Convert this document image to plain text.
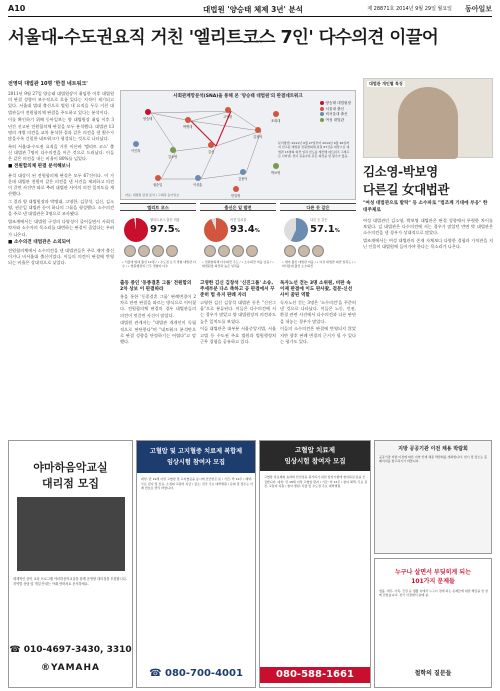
A10	대법원 '양승태 체제 3년' 분석	제 28871호 2014년 9월 29일 월요일 동아일보
서울대-수도권요직 거친 '엘리트코스 7인' 다수의견 이끌어
전영덕 대법관 10명 '한결 네트워크'

2011년 9월 27일 양승태 대법원장이 취임한 이후 대법원의 판결 성향이 보수적으로 흐름 있다는 지적이 제기되고 있다. 서울대 법대 출신으로 법원 내 요직을 두루 거친 대법관들이 전원합의체 판결을 주도하고 있다는 분석이다.

이를 확인하기 위해 동아일보는 양 대법원장 취임 이후 3년간 선고된 전원합의체 판결을 모두 분석했다. 대법관 13명의 개별 의견을 교차 분석한 결과 같은 의견을 낸 횟수가 많을수록 긴밀한 네트워크가 형성되는 것으로 나타났다.

특히 서울대-수도권 요직을 거친 이른바 '엘리트 코스' 출신 대법관 7명이 다수의견을 이끈 것으로 드러났다. 이들은 같은 의견을 내는 비율이 80%를 넘었다.

■ 전원합의체 판결 분석해보니

분석 대상이 된 전원합의체 판결은 모두 67건이다. 이 가운데 대법관 전원이 같은 의견을 낸 사건을 제외하고 의견이 갈린 사건만 따로 추려 대법관 사이의 의견 일치도를 계산했다.

그 결과 양 대법원장과 박병대, 고영한, 김창석, 김신, 김소영, 권순일 대법관 등이 하나의 그룹을 형성했다. 소수의견을 주로 낸 대법관은 3명으로 조사됐다.

법조계에서는 대법원 구성의 다양성이 줄어들면서 사회적 약자와 소수자의 목소리를 대변하는 판결이 줄었다는 우려가 나온다.

■ 소수의견 대법관은 소외되어

전원합의체에서 소수의견을 낸 대법관들은 주로 재야 출신이거나 비서울대 출신이었다. 이들의 의견이 판결에 반영되는 비율은 상대적으로 낮았다.

사회관계망분석(SNA)을 통해 본 '양승태 대법원'의 판결네트워크
양승태 대법원장
서울대 출신
비서울대 출신
여성 대법관
양승태
박병대
고영한
김창석
김신
김소영
권순일	이상훈
김용덕
박보영
조희대
이인복
민일영
분석방법: 2011년 9월 27일부터 2014년 9월 26일까지 선고된 대법원 전원합의체 판결 67건을 대상으로 대법관 13명의 의견 일치 빈도를 계산해 네트워크 그래프로 나타냄. 선이 굵을수록 같은 의견을 낸 횟수가 많음.
자료: 대법원 판결 분석 / 그래픽 동아일보
엘리트 코스	출신은 일 발전	다른 듯 같은
엘리트코스 출신 비율
97.5%
• 서울대 법대 출신 12명 / • 수도권 요직 경험 대법관 다수 / • 법원행정처 근무 경험자 다수
의견 일치율
93.4%
• 전원합의체 다수의견 주도 / • 소수의견 비율 낮음 / • 대법원장 의견과 높은 일치율
다른 듯 같은
57.1%
• 재야 출신 대법관 비율 / • 여성 대법관 의견 일치도 / • 비서울대 출신 소수의견
출동 중인 '동종결혼 그룹' 전원합의 2차 상보 이 판결따라

홍을 통한 '동종결혼 그룹' 판례변경이 2차로 관련 판결을 따르는 방식으로 이어졌다. 전원합의체 판결의 경우 대법관들의 의견이 엇갈린 사건이 많았다.

대법원 관계자는 "대법관 개개인이 독립적으로 판단한다"며 "네트워크 분석만으로 판결 성향을 단정하기는 어렵다"고 말했다.

고영한 김신 김창석 '신진그룹' 소송, 주세부분 다소 축하고 공 판결에서 꾸준히 법 유지 판례 자리

고영한 김신 김창석 대법관 등은 "신진그룹"으로 분류된다. 이들은 다수의견에 서는 경우가 많았고 양 대법원장의 의견과도 높은 일치도를 보였다.

이들 대법관은 대부분 서울중앙지법, 서울고법 등 수도권 주요 법원과 법원행정처 근무 경험을 공유하고 있다.

독자노선 걷는 3명 소위원, 비판 속 이제 판결에 이도 판사왔, 걸문-신선 사이 꿈된 역할

독자노선 걷는 3명은 '소수의견'을 꾸준히 낸 것으로 나타났다. 이들은 노동, 인권, 환경 관련 사건에서 다수의견과 다른 판단을 내놓는 경우가 많았다.

이들의 소수의견은 판결에 반영되지 않았지만 향후 판례 변경의 근거가 될 수 있다는 평가도 있다.

대법관 개인별 특징
김소영-박보영
다른길 女대법관
"여성 대법관으로 발탁" 등 소수파로 "법조계 기대에 부응" 한 대주제로

여성 대법관인 김소영, 박보영 대법관은 판결 성향에서 뚜렷한 차이를 보였다. 김 대법관은 다수의견에 서는 경우가 많았던 반면 박 대법관은 소수의견을 낸 경우가 상대적으로 많았다.

법조계에서는 여성 대법관의 존재 자체보다 다양한 경험과 가치관을 지닌 인물이 대법원에 들어가야 한다는 목소리가 나온다.

야마하음악교실
대리점 모집
세계적인 음악 교육 프로그램 야마하음악교실을 함께 운영할 대리점을 모집합니다. 지역별 상담 및 개설 안내는 아래 연락처로 문의하세요.
☎ 010-4697-3430, 3310
®YAMAHA
고혈압 및 고지혈증 치료제 복합제
임상시험 참여자 모집
대상: 만 19세 이상 고혈압 및 고지혈증을 동시에 진단받은 분 / 기간: 약 12주 / 혜택: 무료 검사 및 진료, 소정의 교통비 지급 / 장소: 전국 주요 대학병원 / 문의 및 접수는 아래 번호로 연락 바랍니다.
☎ 080-700-4001
고혈압 치료제
임상시험 참여자 모집
고혈압 치료제의 효과와 안전성을 평가하기 위한 임상시험에 참여하실 분을 모집합니다. 대상: 만 18세 이상 고혈압 환자 / 기간: 약 12주 / 참여 혜택: 무료 검진, 교통비 지원 / 참여 병원: 서울 및 수도권 주요 대학병원.
080-588-1661
지방 공공기관 이전 채용 박람회
공공기관 지방 이전에 따른 지역 인재 채용 박람회를 개최합니다. 일시 및 장소는 홈페이지를 참고하시기 바랍니다.
누구나 살면서 부딪히게 되는
101가지 문제들
법률, 세무, 가족, 건강 등 생활 속에서 누구나 겪게 되는 문제들에 대한 해답을 한 권에 담았습니다. 전국 서점에서 판매 중.
철학의 질문들
